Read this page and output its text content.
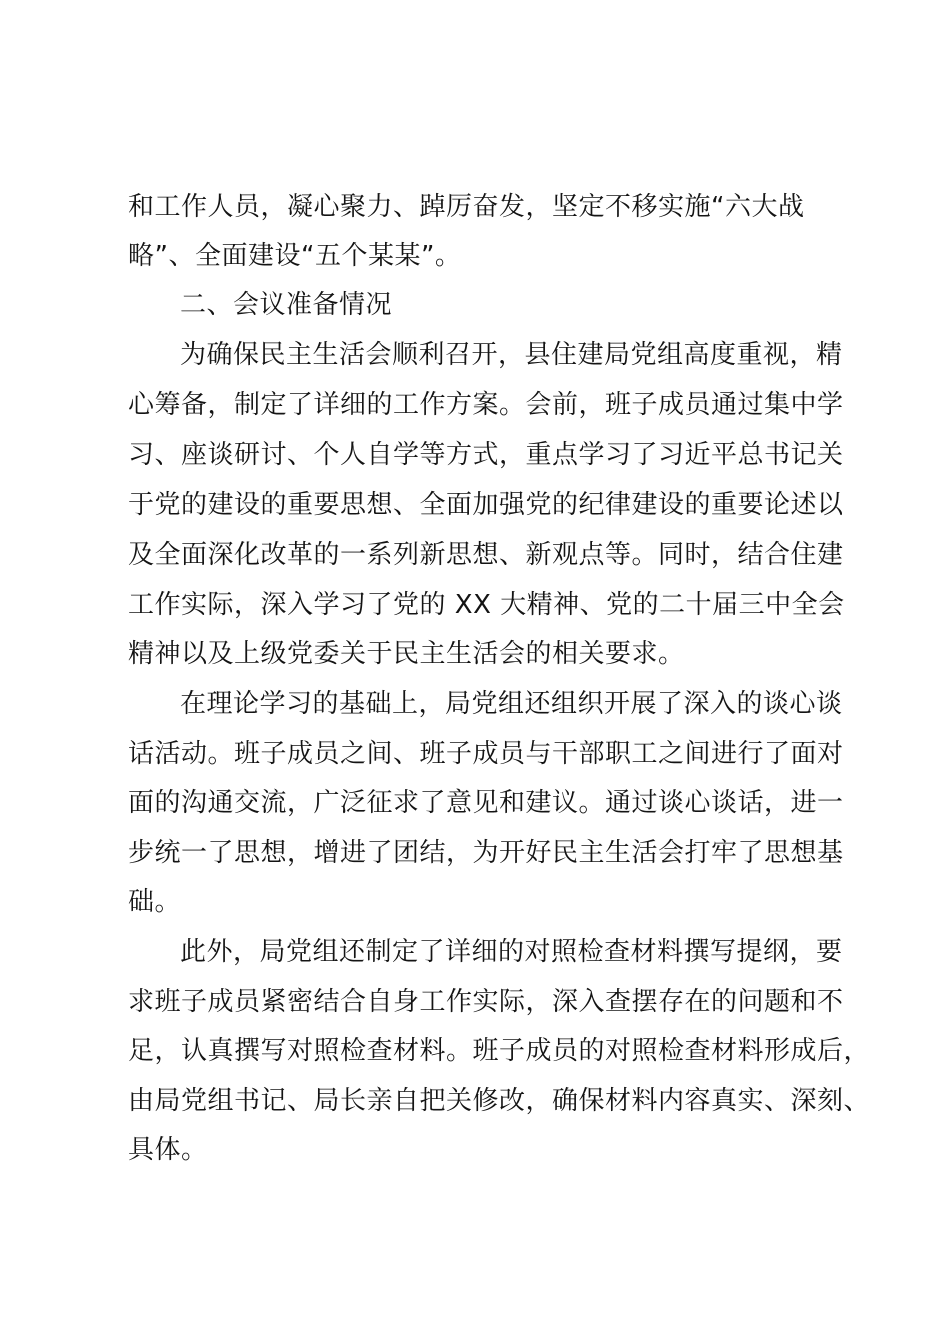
和工作人员，凝心聚力、踔厉奋发，坚定不移实施“六大战
略”、全面建设“五个某某”。
二、会议准备情况
为确保民主生活会顺利召开，县住建局党组高度重视，精
心筹备，制定了详细的工作方案。会前，班子成员通过集中学
习、座谈研讨、个人自学等方式，重点学习了习近平总书记关
于党的建设的重要思想、全面加强党的纪律建设的重要论述以
及全面深化改革的一系列新思想、新观点等。同时，结合住建
工作实际，深入学习了党的 XX 大精神、党的二十届三中全会
精神以及上级党委关于民主生活会的相关要求。
在理论学习的基础上，局党组还组织开展了深入的谈心谈
话活动。班子成员之间、班子成员与干部职工之间进行了面对
面的沟通交流，广泛征求了意见和建议。通过谈心谈话，进一
步统一了思想，增进了团结，为开好民主生活会打牢了思想基
础。
此外，局党组还制定了详细的对照检查材料撰写提纲，要
求班子成员紧密结合自身工作实际，深入查摆存在的问题和不
足，认真撰写对照检查材料。班子成员的对照检查材料形成后，
由局党组书记、局长亲自把关修改，确保材料内容真实、深刻、
具体。
